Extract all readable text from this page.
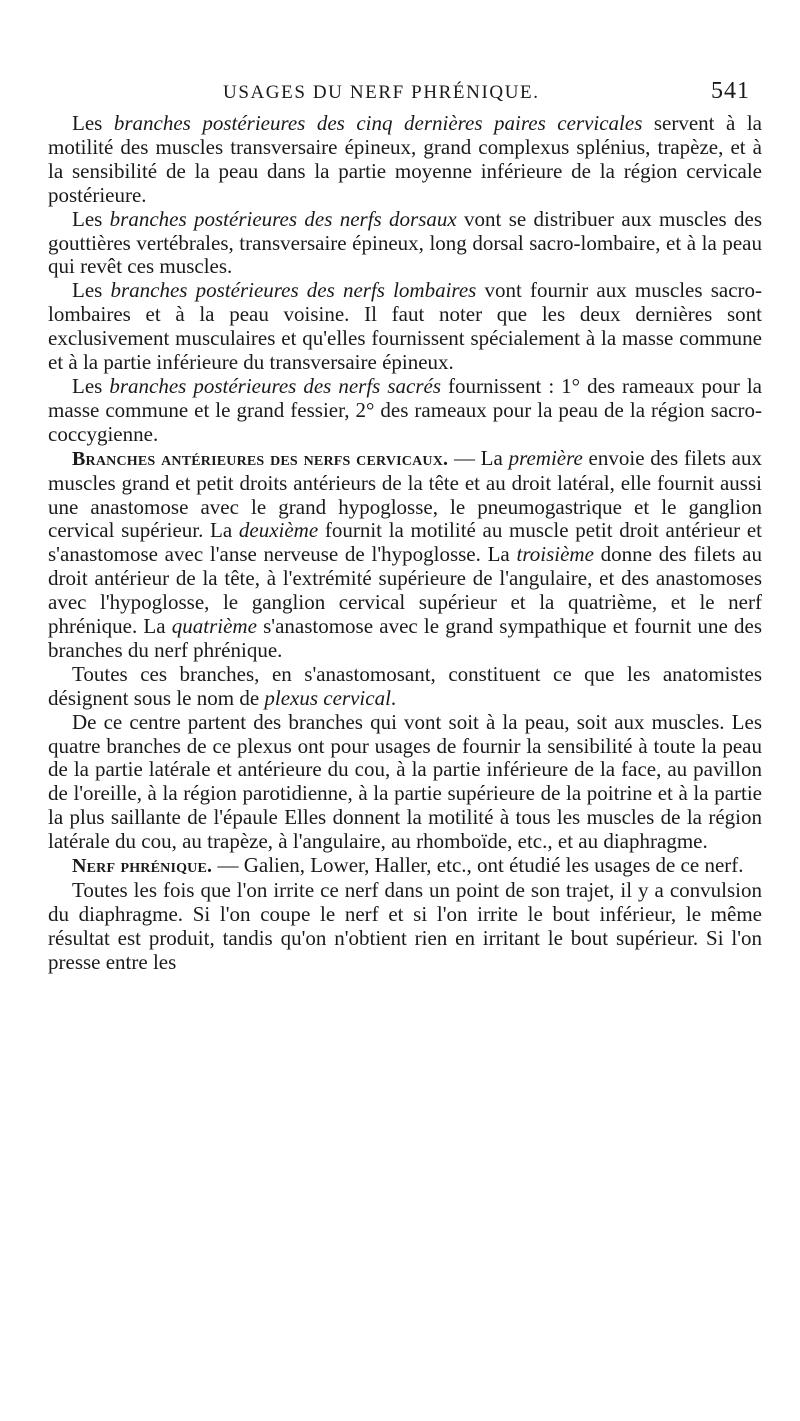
USAGES DU NERF PHRÉNIQUE.	541

Les branches postérieures des cinq dernières paires cervicales servent à la motilité des muscles transversaire épineux, grand complexus splénius, trapèze, et à la sensibilité de la peau dans la partie moyenne inférieure de la région cervicale postérieure.

Les branches postérieures des nerfs dorsaux vont se distribuer aux muscles des gouttières vertébrales, transversaire épineux, long dorsal sacro-lombaire, et à la peau qui revêt ces muscles.

Les branches postérieures des nerfs lombaires vont fournir aux muscles sacro-lombaires et à la peau voisine. Il faut noter que les deux dernières sont exclusivement musculaires et qu'elles fournissent spécialement à la masse commune et à la partie inférieure du transversaire épineux.

Les branches postérieures des nerfs sacrés fournissent : 1° des rameaux pour la masse commune et le grand fessier, 2° des rameaux pour la peau de la région sacro-coccygienne.

Branches antérieures des nerfs cervicaux. — La première envoie des filets aux muscles grand et petit droits antérieurs de la tête et au droit latéral, elle fournit aussi une anastomose avec le grand hypoglosse, le pneumogastrique et le ganglion cervical supérieur. La deuxième fournit la motilité au muscle petit droit antérieur et s'anastomose avec l'anse nerveuse de l'hypoglosse. La troisième donne des filets au droit antérieur de la tête, à l'extrémité supérieure de l'angulaire, et des anastomoses avec l'hypoglosse, le ganglion cervical supérieur et la quatrième, et le nerf phrénique. La quatrième s'anastomose avec le grand sympathique et fournit une des branches du nerf phrénique.

Toutes ces branches, en s'anastomosant, constituent ce que les anatomistes désignent sous le nom de plexus cervical.

De ce centre partent des branches qui vont soit à la peau, soit aux muscles. Les quatre branches de ce plexus ont pour usages de fournir la sensibilité à toute la peau de la partie latérale et antérieure du cou, à la partie inférieure de la face, au pavillon de l'oreille, à la région parotidienne, à la partie supérieure de la poitrine et à la partie la plus saillante de l'épaule Elles donnent la motilité à tous les muscles de la région latérale du cou, au trapèze, à l'angulaire, au rhomboïde, etc., et au diaphragme.

Nerf phrénique. — Galien, Lower, Haller, etc., ont étudié les usages de ce nerf.

Toutes les fois que l'on irrite ce nerf dans un point de son trajet, il y a convulsion du diaphragme. Si l'on coupe le nerf et si l'on irrite le bout inférieur, le même résultat est produit, tandis qu'on n'obtient rien en irritant le bout supérieur. Si l'on presse entre les
